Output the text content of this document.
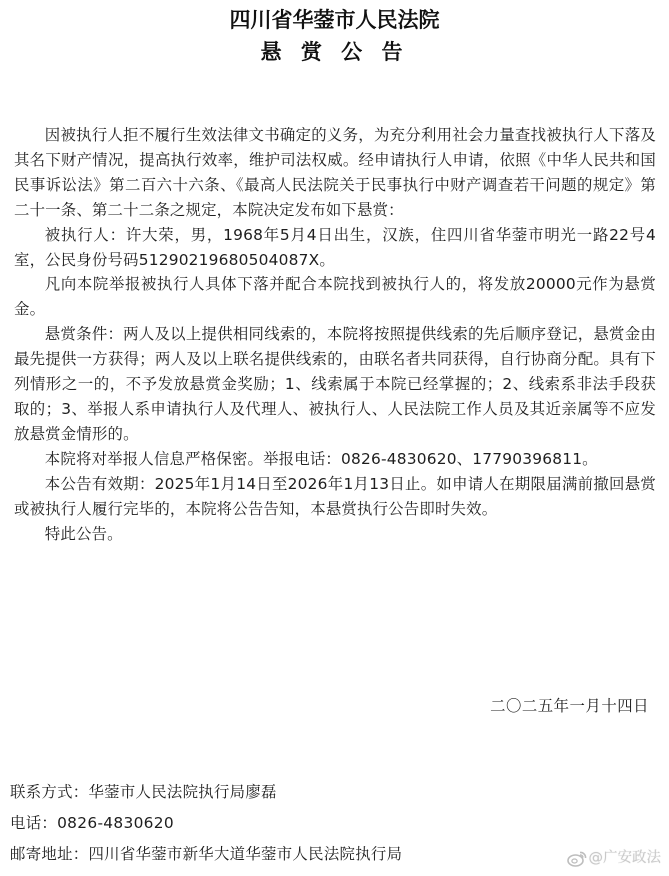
四川省华蓥市人民法院
悬 赏 公 告

因被执行人拒不履行生效法律文书确定的义务，为充分利用社会力量查找被执行人下落及其名下财产情况，提高执行效率，维护司法权威。经申请执行人申请，依照《中华人民共和国民事诉讼法》第二百六十六条、《最高人民法院关于民事执行中财产调查若干问题的规定》第二十一条、第二十二条之规定，本院决定发布如下悬赏：

被执行人：许大荣，男，1968年5月4日出生，汉族，住四川省华蓥市明光一路22号4室，公民身份号码51290219680504087X。

凡向本院举报被执行人具体下落并配合本院找到被执行人的，将发放20000元作为悬赏金。

悬赏条件：两人及以上提供相同线索的，本院将按照提供线索的先后顺序登记，悬赏金由最先提供一方获得；两人及以上联名提供线索的，由联名者共同获得，自行协商分配。具有下列情形之一的，不予发放悬赏金奖励；1、线索属于本院已经掌握的；2、线索系非法手段获取的；3、举报人系申请执行人及代理人、被执行人、人民法院工作人员及其近亲属等不应发放悬赏金情形的。

本院将对举报人信息严格保密。举报电话：0826-4830620、17790396811。

本公告有效期：2025年1月14日至2026年1月13日止。如申请人在期限届满前撤回悬赏或被执行人履行完毕的，本院将公告告知，本悬赏执行公告即时失效。

特此公告。

二〇二五年一月十四日
联系方式：华蓥市人民法院执行局廖磊
电话：0826-4830620
邮寄地址：四川省华蓥市新华大道华蓥市人民法院执行局	@广安政法
